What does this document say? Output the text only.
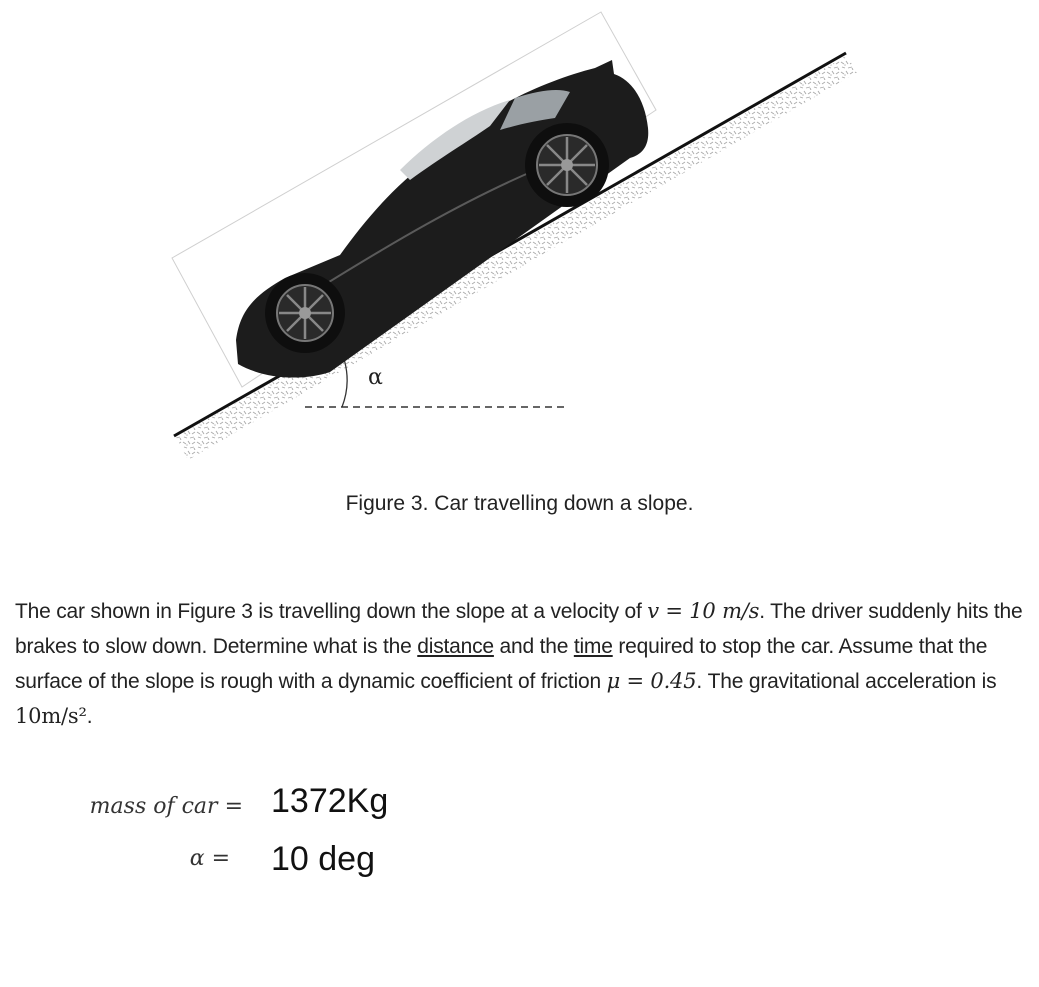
α
Figure 3. Car travelling down a slope.
The car shown in Figure 3 is travelling down the slope at a velocity of v = 10 m/s. The driver suddenly hits the brakes to slow down. Determine what is the distance and the time required to stop the car. Assume that the surface of the slope is rough with a dynamic coefficient of friction μ = 0.45. The gravitational acceleration is 10m/s².
mass of car = 1372Kg
α = 10 deg
